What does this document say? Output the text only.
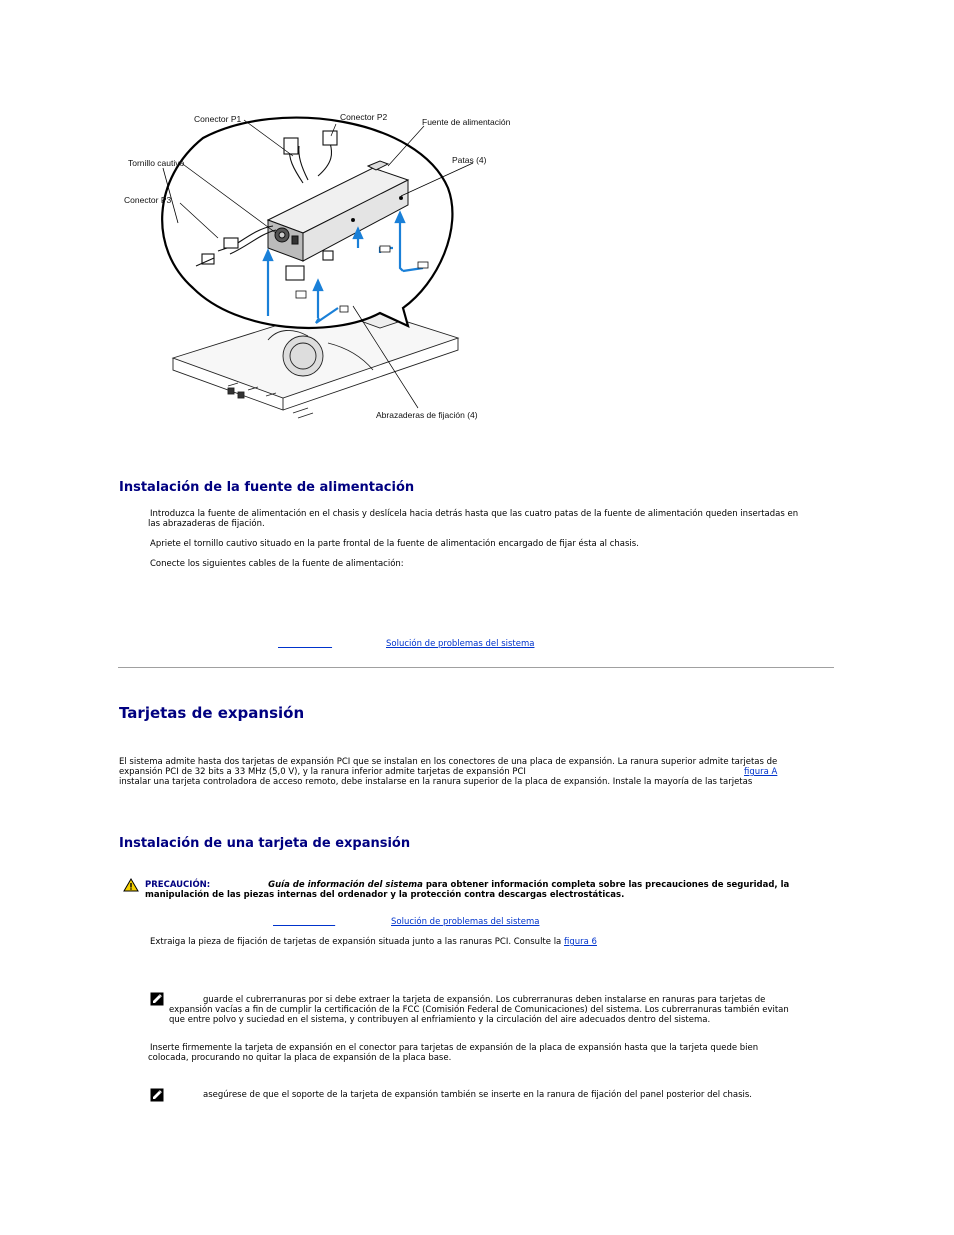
Conector P1	Conector P2	Fuente de alimentación
Tornillo cautivo	Patas (4)
Conector P3
Abrazaderas de fijación (4)
Instalación de la fuente de alimentación
Introduzca la fuente de alimentación en el chasis y deslícela hacia detrás hasta que las cuatro patas de la fuente de alimentación queden insertadas en
las abrazaderas de fijación.
Apriete el tornillo cautivo situado en la parte frontal de la fuente de alimentación encargado de fijar ésta al chasis.
Conecte los siguientes cables de la fuente de alimentación:

Solución de problemas del sistema
Tarjetas de expansión
El sistema admite hasta dos tarjetas de expansión PCI que se instalan en los conectores de una placa de expansión. La ranura superior admite tarjetas de
expansión PCI de 32 bits a 33 MHz (5,0 V), y la ranura inferior admite tarjetas de expansión PCI	figura A
instalar una tarjeta controladora de acceso remoto, debe instalarse en la ranura superior de la placa de expansión. Instale la mayoría de las tarjetas
Instalación de una tarjeta de expansión
PRECAUCIÓN:	Guía de información del sistema para obtener información completa sobre las precauciones de seguridad, la
manipulación de las piezas internas del ordenador y la protección contra descargas electrostáticas.

Solución de problemas del sistema
Extraiga la pieza de fijación de tarjetas de expansión situada junto a las ranuras PCI. Consulte la figura 6
guarde el cubrerranuras por si debe extraer la tarjeta de expansión. Los cubrerranuras deben instalarse en ranuras para tarjetas de
expansión vacías a fin de cumplir la certificación de la FCC (Comisión Federal de Comunicaciones) del sistema. Los cubrerranuras también evitan
que entre polvo y suciedad en el sistema, y contribuyen al enfriamiento y la circulación del aire adecuados dentro del sistema.
Inserte firmemente la tarjeta de expansión en el conector para tarjetas de expansión de la placa de expansión hasta que la tarjeta quede bien
colocada, procurando no quitar la placa de expansión de la placa base.
asegúrese de que el soporte de la tarjeta de expansión también se inserte en la ranura de fijación del panel posterior del chasis.
